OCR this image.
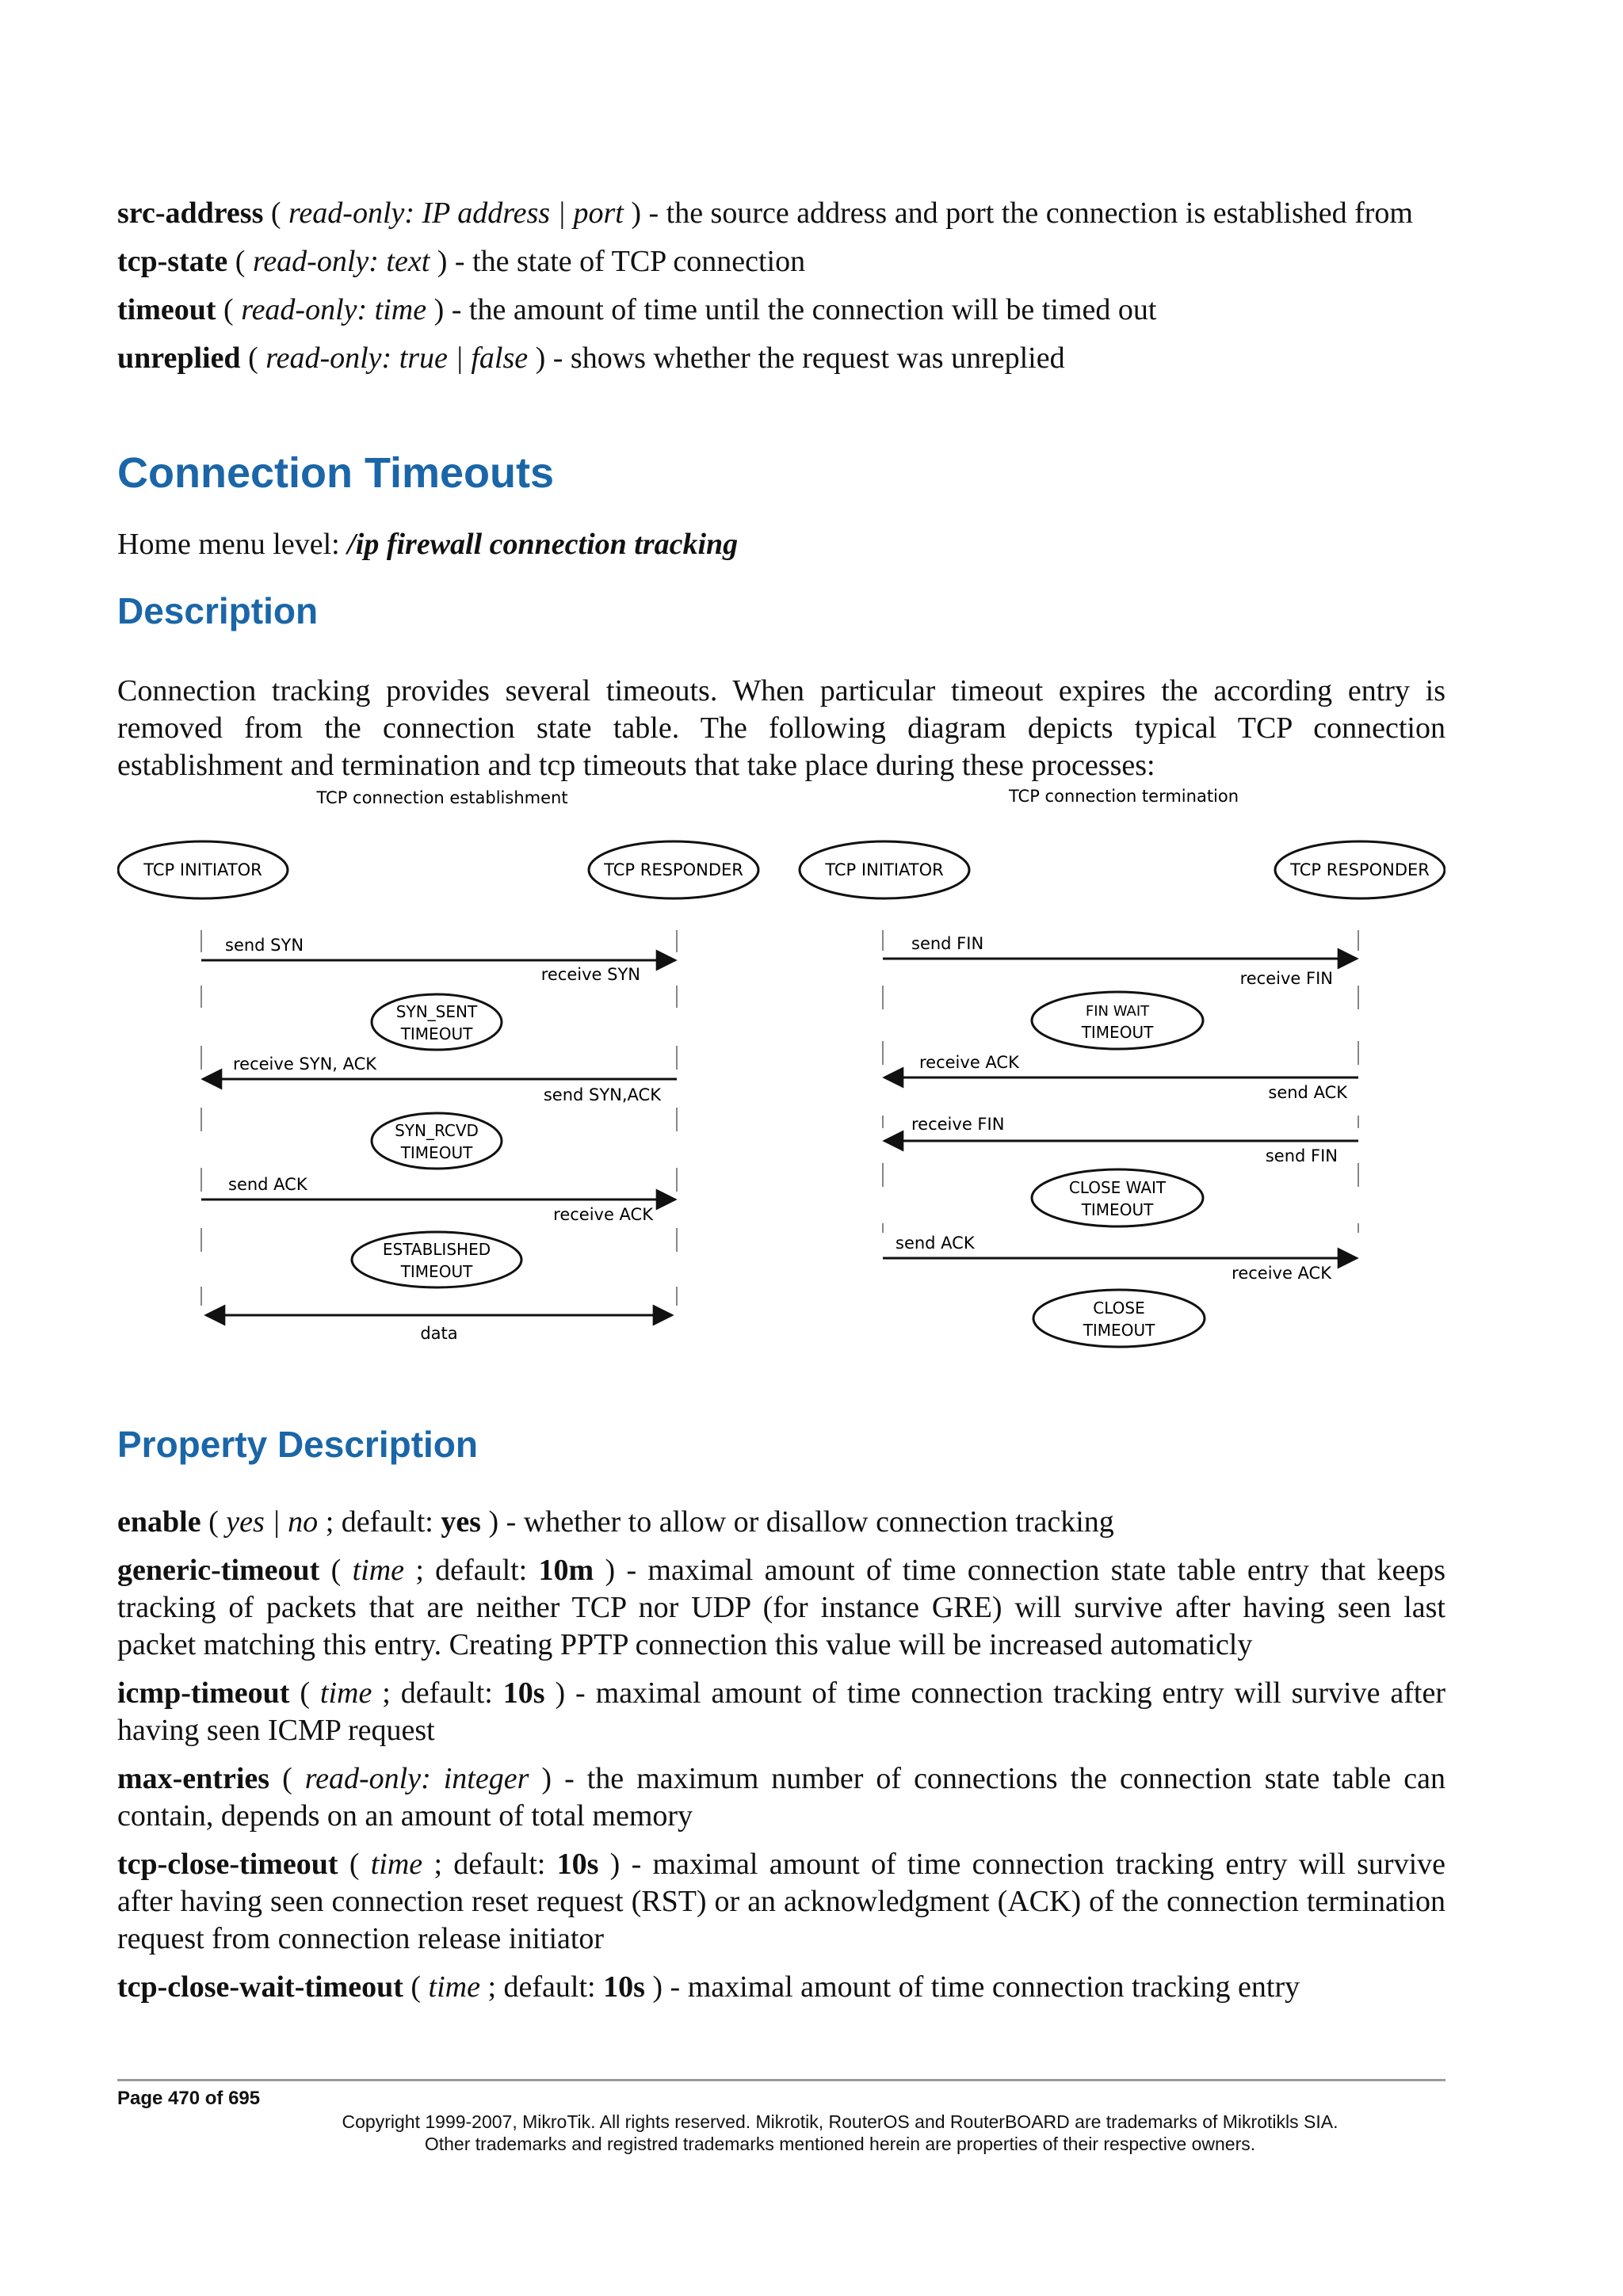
src-address ( read-only: IP address | port ) - the source address and port the connection is established from

tcp-state ( read-only: text ) - the state of TCP connection

timeout ( read-only: time ) - the amount of time until the connection will be timed out

unreplied ( read-only: true | false ) - shows whether the request was unreplied

Connection Timeouts
Home menu level: /ip firewall connection tracking
Description
Connection tracking provides several timeouts. When particular timeout expires the according entry is removed from the connection state table. The following diagram depicts typical TCP connection establishment and termination and tcp timeouts that take place during these processes:
TCP connection establishment
TCP INITIATOR	TCP RESPONDER
send SYN
receive SYN
SYN_SENT
TIMEOUT
receive SYN, ACK
send SYN,ACK
SYN_RCVD
TIMEOUT
send ACK
receive ACK
ESTABLISHED
TIMEOUT
data
TCP connection termination
TCP INITIATOR	TCP RESPONDER
send FIN
receive FIN
FIN WAIT
TIMEOUT
receive ACK
send ACK
receive FIN
send FIN
CLOSE WAIT
TIMEOUT
send ACK
receive ACK
CLOSE
TIMEOUT
Property Description

enable ( yes | no ; default: yes ) - whether to allow or disallow connection tracking

generic-timeout ( time ; default: 10m ) - maximal amount of time connection state table entry that keeps tracking of packets that are neither TCP nor UDP (for instance GRE) will survive after having seen last packet matching this entry. Creating PPTP connection this value will be increased automaticly

icmp-timeout ( time ; default: 10s ) - maximal amount of time connection tracking entry will survive after having seen ICMP request

max-entries ( read-only: integer ) - the maximum number of connections the connection state table can contain, depends on an amount of total memory

tcp-close-timeout ( time ; default: 10s ) - maximal amount of time connection tracking entry will survive after having seen connection reset request (RST) or an acknowledgment (ACK) of the connection termination request from connection release initiator

tcp-close-wait-timeout ( time ; default: 10s ) - maximal amount of time connection tracking entry

Page 470 of 695
Copyright 1999-2007, MikroTik. All rights reserved. Mikrotik, RouterOS and RouterBOARD are trademarks of Mikrotikls SIA.
Other trademarks and registred trademarks mentioned herein are properties of their respective owners.
